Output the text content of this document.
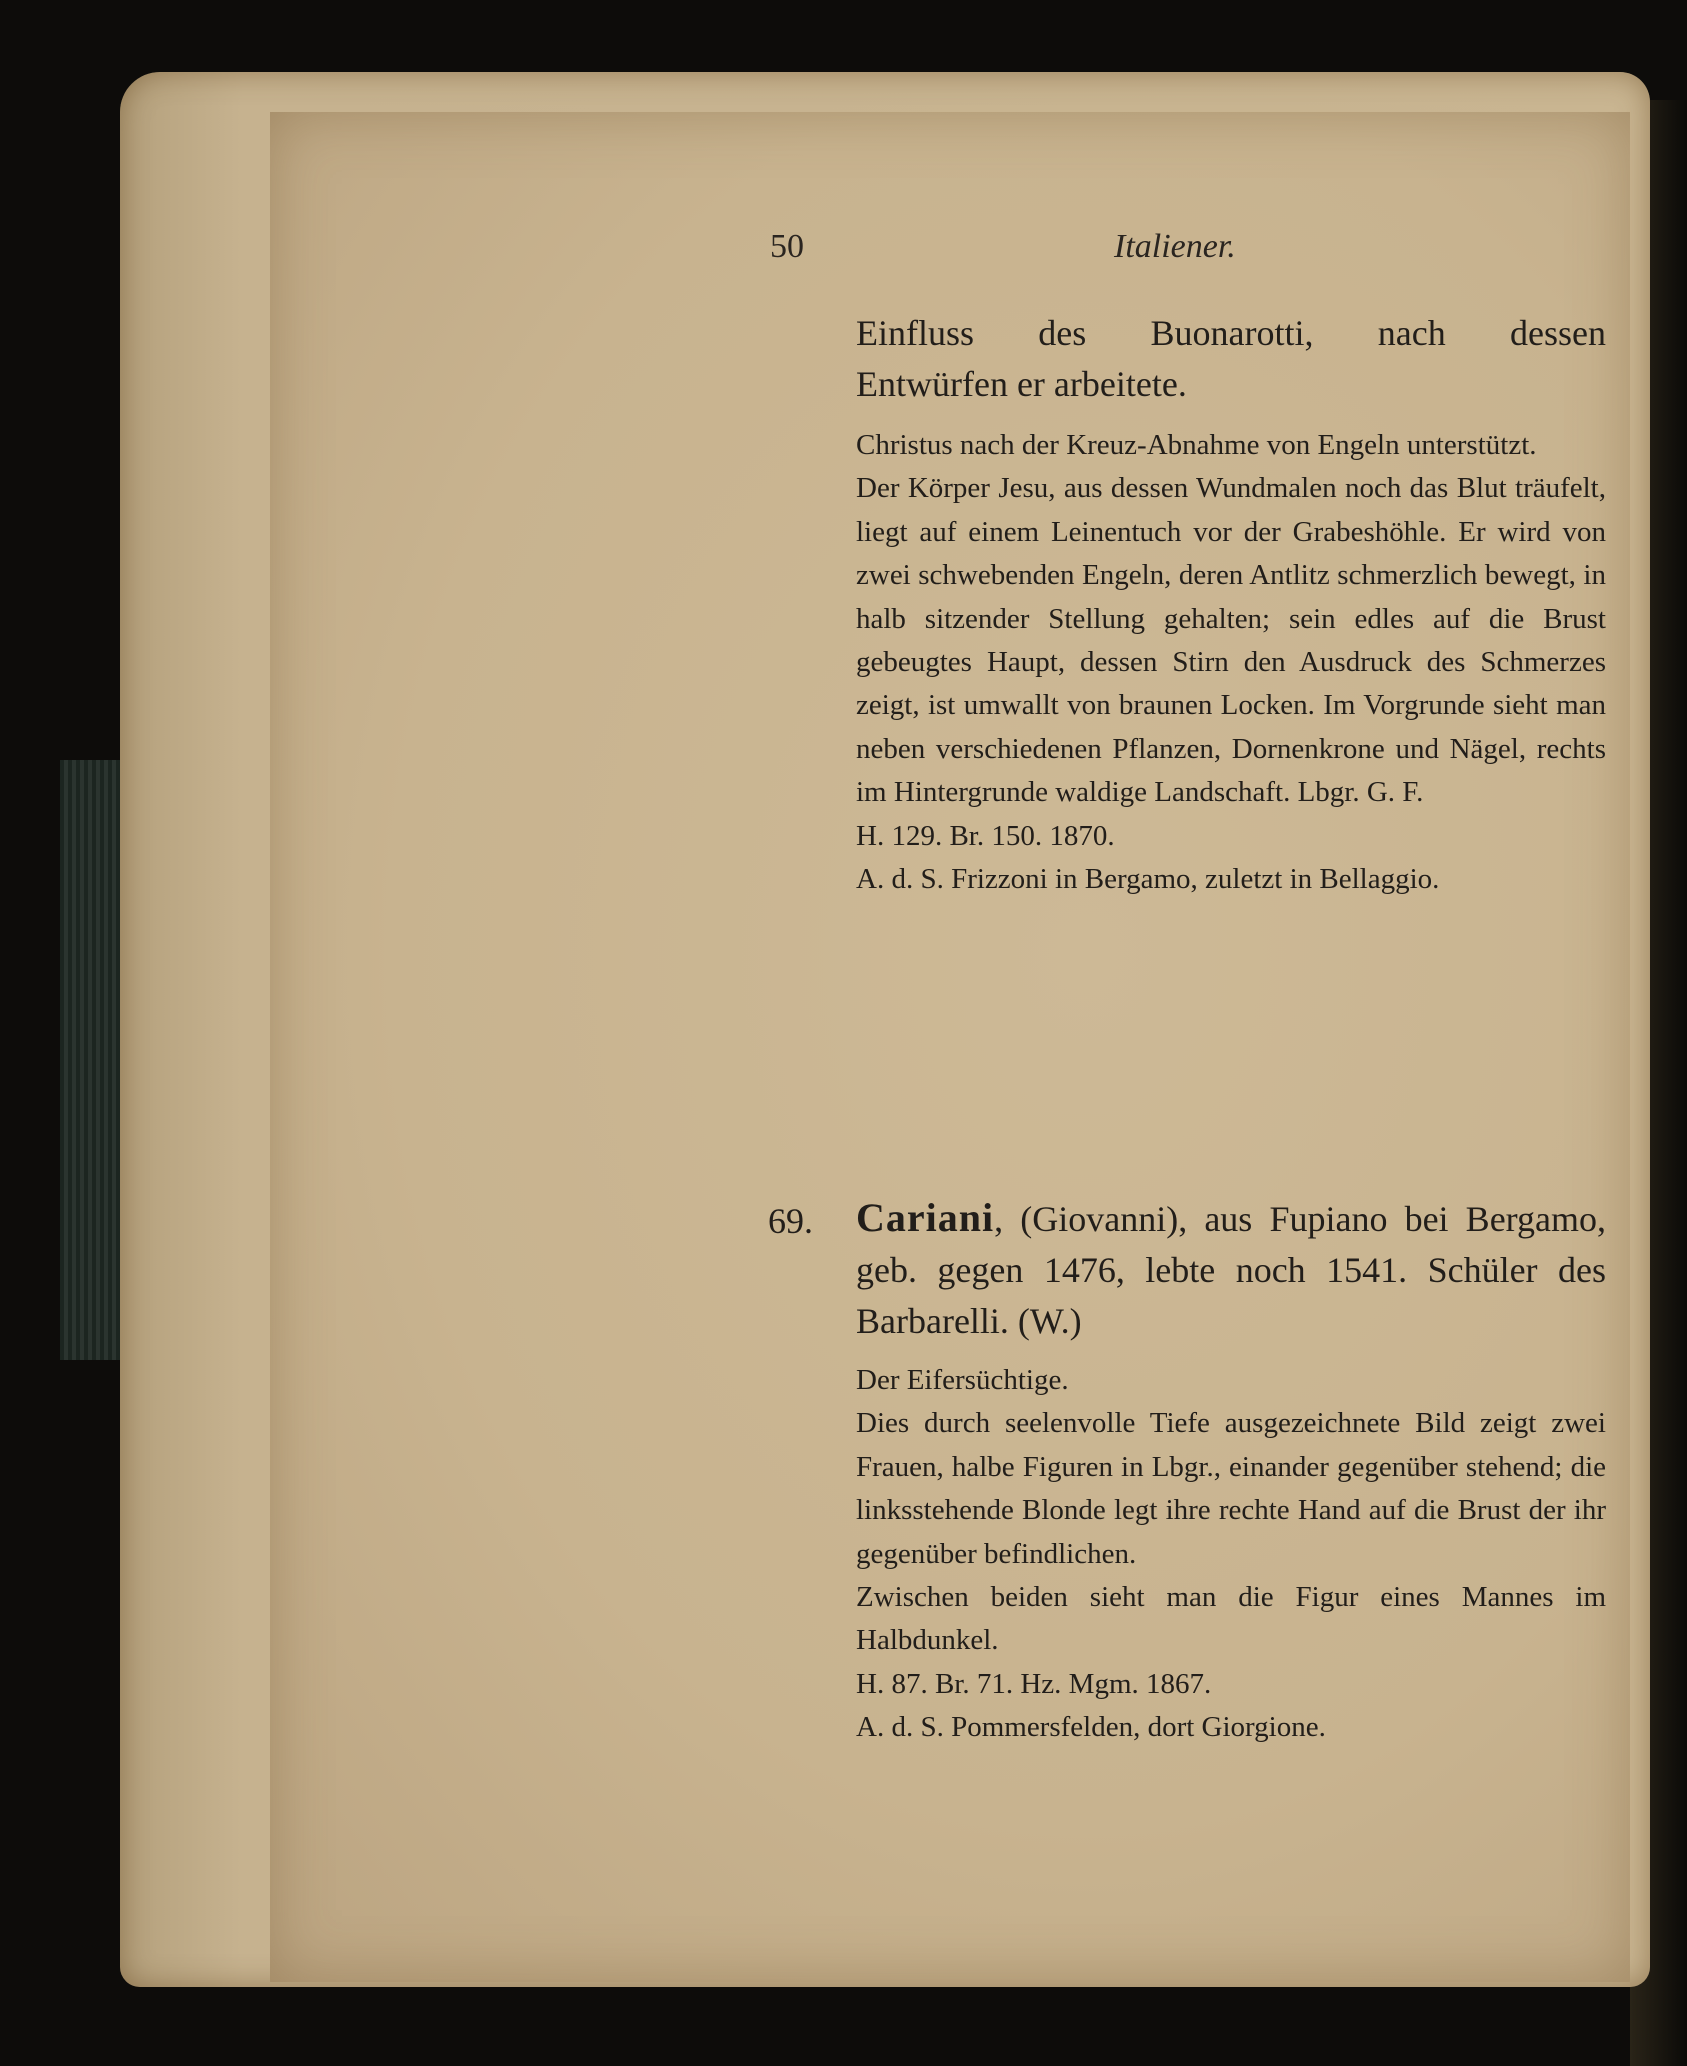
50	Italiener.
Einfluss des Buonarotti, nach dessen
Entwürfen er arbeitete.
Christus nach der Kreuz-Abnahme von Engeln unterstützt.
Der Körper Jesu, aus dessen Wundmalen noch das Blut träufelt, liegt auf einem Leinentuch vor der Grabeshöhle. Er wird von zwei schwebenden Engeln, deren Antlitz schmerzlich bewegt, in halb sitzender Stellung gehalten; sein edles auf die Brust gebeugtes Haupt, dessen Stirn den Ausdruck des Schmerzes zeigt, ist umwallt von braunen Locken. Im Vorgrunde sieht man neben verschiedenen Pflanzen, Dornenkrone und Nägel, rechts im Hintergrunde waldige Landschaft. Lbgr. G. F.
H. 129. Br. 150. 1870.
A. d. S. Frizzoni in Bergamo, zuletzt in Bellaggio.
69. Cariani, (Giovanni), aus Fupiano bei Bergamo, geb. gegen 1476, lebte noch 1541. Schüler des Barbarelli. (W.)
Der Eifersüchtige.
Dies durch seelenvolle Tiefe ausgezeichnete Bild zeigt zwei Frauen, halbe Figuren in Lbgr., einander gegenüber stehend; die linksstehende Blonde legt ihre rechte Hand auf die Brust der ihr gegenüber befindlichen.
Zwischen beiden sieht man die Figur eines Mannes im Halbdunkel.
H. 87. Br. 71. Hz. Mgm. 1867.
A. d. S. Pommersfelden, dort Giorgione.
